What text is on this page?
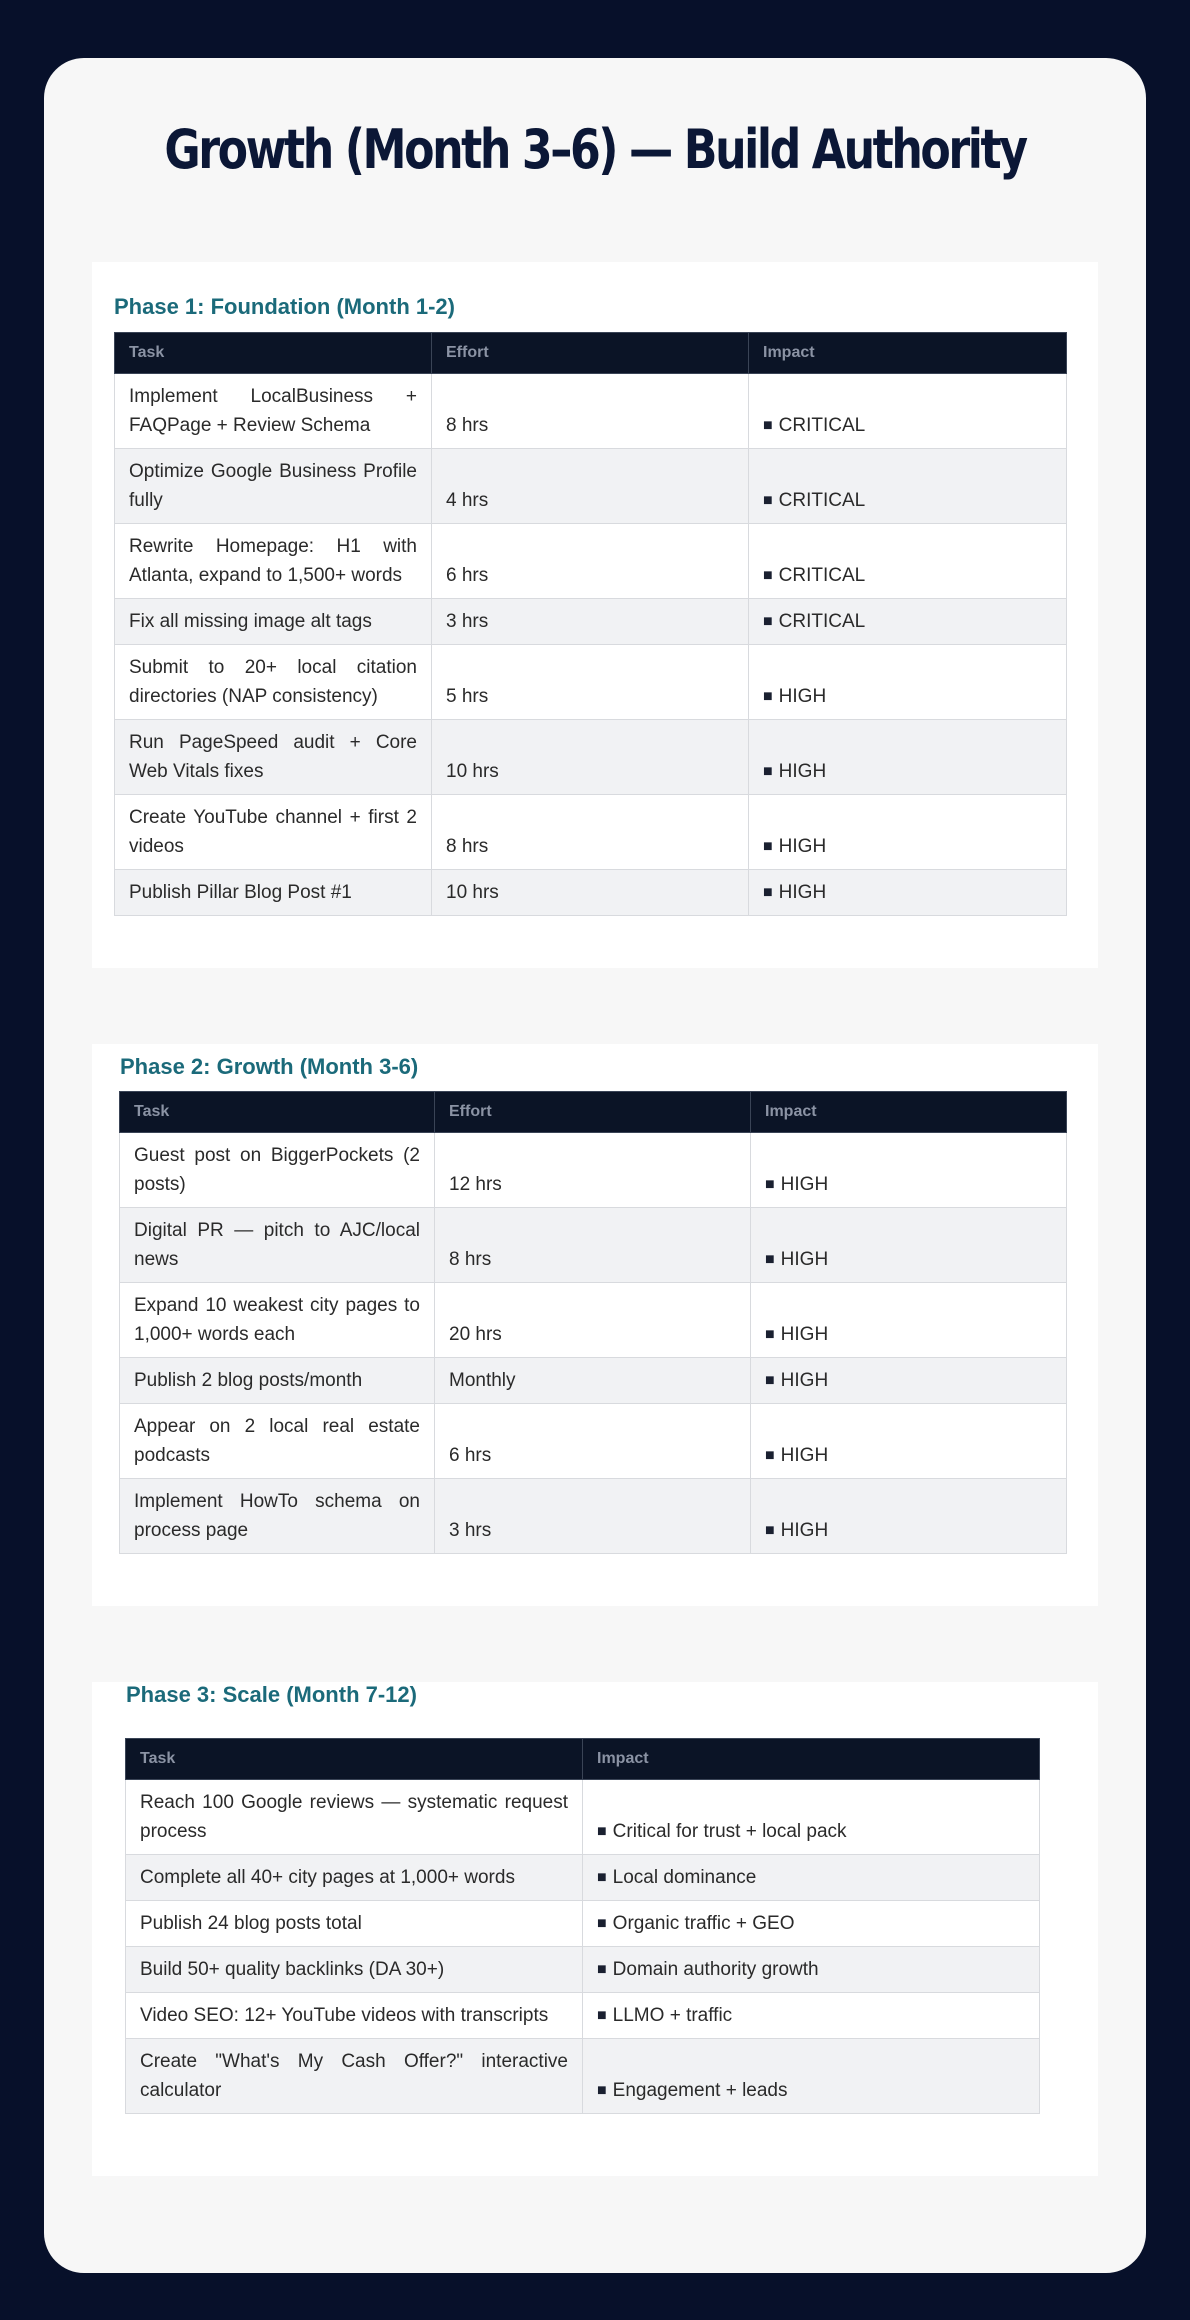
Growth (Month 3–6) — Build Authority
Phase 1: Foundation (Month 1-2)
Task	Effort	Impact
Implement LocalBusiness + FAQPage + Review Schema	8 hrs	■ CRITICAL
Optimize Google Business Profile fully	4 hrs	■ CRITICAL
Rewrite Homepage: H1 with Atlanta, expand to 1,500+ words	6 hrs	■ CRITICAL
Fix all missing image alt tags	3 hrs	■ CRITICAL
Submit to 20+ local citation directories (NAP consistency)	5 hrs	■ HIGH
Run PageSpeed audit + Core Web Vitals fixes	10 hrs	■ HIGH
Create YouTube channel + first 2 videos	8 hrs	■ HIGH
Publish Pillar Blog Post #1	10 hrs	■ HIGH
Phase 2: Growth (Month 3-6)
Task	Effort	Impact
Guest post on BiggerPockets (2 posts)	12 hrs	■ HIGH
Digital PR — pitch to AJC/local news	8 hrs	■ HIGH
Expand 10 weakest city pages to 1,000+ words each	20 hrs	■ HIGH
Publish 2 blog posts/month	Monthly	■ HIGH
Appear on 2 local real estate podcasts	6 hrs	■ HIGH
Implement HowTo schema on process page	3 hrs	■ HIGH
Phase 3: Scale (Month 7-12)
Task	Impact
Reach 100 Google reviews — systematic request process	■ Critical for trust + local pack
Complete all 40+ city pages at 1,000+ words	■ Local dominance
Publish 24 blog posts total	■ Organic traffic + GEO
Build 50+ quality backlinks (DA 30+)	■ Domain authority growth
Video SEO: 12+ YouTube videos with transcripts	■ LLMO + traffic
Create "What's My Cash Offer?" interactive calculator	■ Engagement + leads
